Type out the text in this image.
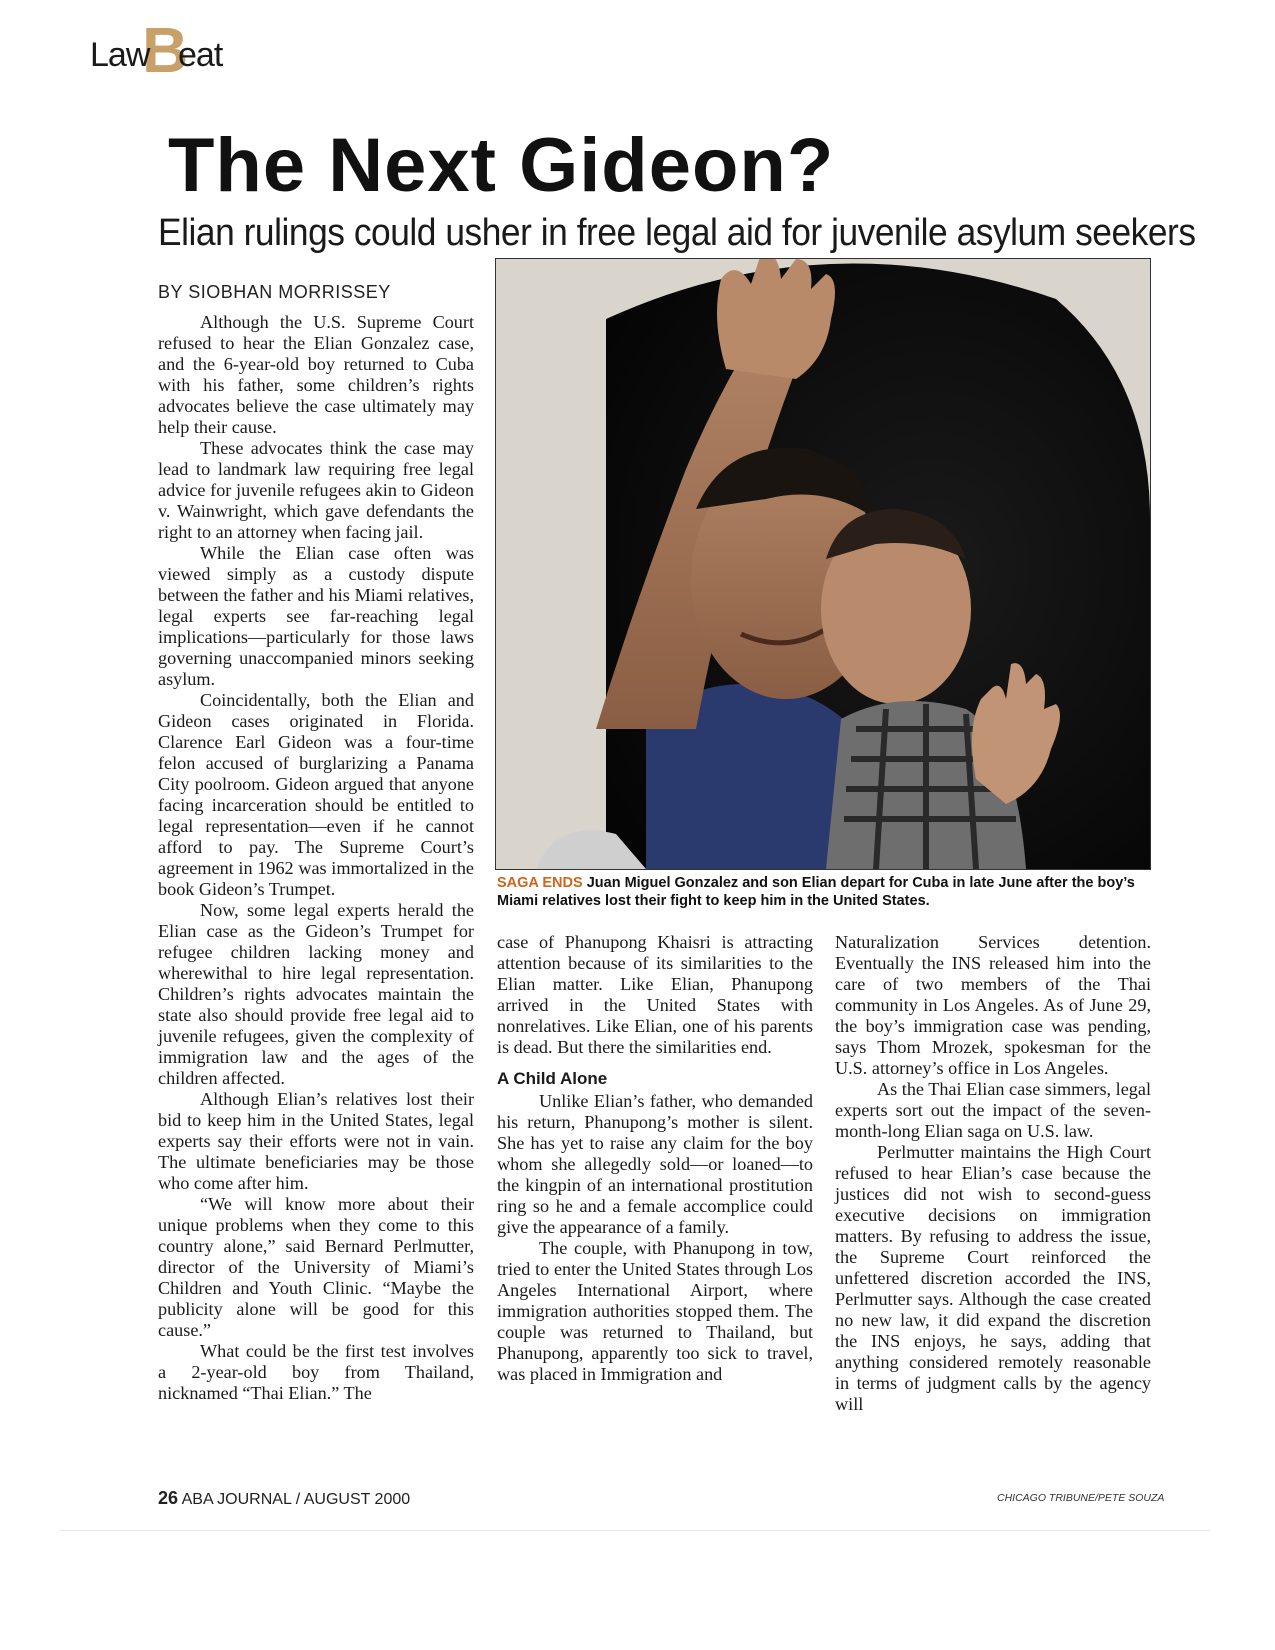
B
Law eat
The Next Gideon?
Elian rulings could usher in free legal aid for juvenile asylum seekers
BY SIOBHAN MORRISSEY

Although the U.S. Supreme Court refused to hear the Elian Gonzalez case, and the 6-year-old boy returned to Cuba with his father, some children’s rights advocates believe the case ultimately may help their cause.

These advocates think the case may lead to landmark law requiring free legal advice for juvenile refugees akin to Gideon v. Wainwright, which gave defendants the right to an attorney when facing jail.

While the Elian case often was viewed simply as a custody dispute between the father and his Miami relatives, legal experts see far-reaching legal implications—particularly for those laws governing unaccompanied minors seeking asylum.

Coincidentally, both the Elian and Gideon cases originated in Florida. Clarence Earl Gideon was a four-time felon accused of burglarizing a Panama City poolroom. Gideon argued that anyone facing incarceration should be entitled to legal representation—even if he cannot afford to pay. The Supreme Court’s agreement in 1962 was immortalized in the book Gideon’s Trumpet.

Now, some legal experts herald the Elian case as the Gideon’s Trumpet for refugee children lacking money and wherewithal to hire legal representation. Children’s rights advocates maintain the state also should provide free legal aid to juvenile refugees, given the complexity of immigration law and the ages of the children affected.

Although Elian’s relatives lost their bid to keep him in the United States, legal experts say their efforts were not in vain. The ultimate beneficiaries may be those who come after him.

“We will know more about their unique problems when they come to this country alone,” said Bernard Perlmutter, director of the University of Miami’s Children and Youth Clinic. “Maybe the publicity alone will be good for this cause.”

What could be the first test involves a 2-year-old boy from Thailand, nicknamed “Thai Elian.” The

SAGA ENDS Juan Miguel Gonzalez and son Elian depart for Cuba in late June after the boy’s Miami relatives lost their fight to keep him in the United States.

case of Phanupong Khaisri is attracting attention because of its similarities to the Elian matter. Like Elian, Phanupong arrived in the United States with nonrelatives. Like Elian, one of his parents is dead. But there the similarities end.

A Child Alone

Unlike Elian’s father, who demanded his return, Phanupong’s mother is silent. She has yet to raise any claim for the boy whom she allegedly sold—or loaned—to the kingpin of an international prostitution ring so he and a female accomplice could give the appearance of a family.

The couple, with Phanupong in tow, tried to enter the United States through Los Angeles International Airport, where immigration authorities stopped them. The couple was returned to Thailand, but Phanupong, apparently too sick to travel, was placed in Immigration and

Naturalization Services detention. Eventually the INS released him into the care of two members of the Thai community in Los Angeles. As of June 29, the boy’s immigration case was pending, says Thom Mrozek, spokesman for the U.S. attorney’s office in Los Angeles.

As the Thai Elian case simmers, legal experts sort out the impact of the seven-month-long Elian saga on U.S. law.

Perlmutter maintains the High Court refused to hear Elian’s case because the justices did not wish to second-guess executive decisions on immigration matters. By refusing to address the issue, the Supreme Court reinforced the unfettered discretion accorded the INS, Perlmutter says. Although the case created no new law, it did expand the discretion the INS enjoys, he says, adding that anything considered remotely reasonable in terms of judgment calls by the agency will

26 ABA JOURNAL / AUGUST 2000	CHICAGO TRIBUNE/PETE SOUZA
